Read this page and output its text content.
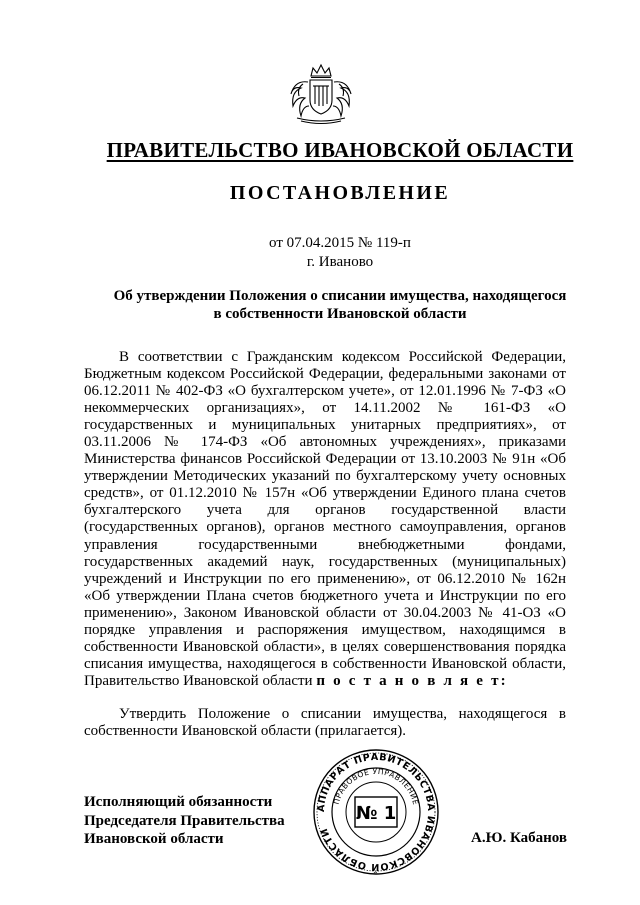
ПРАВИТЕЛЬСТВО ИВАНОВСКОЙ ОБЛАСТИ
ПОСТАНОВЛЕНИЕ
от 07.04.2015 № 119-п
г. Иваново
Об утверждении Положения о списании имущества, находящегося
в собственности Ивановской области

В соответствии с Гражданским кодексом Российской Федерации, Бюджетным кодексом Российской Федерации, федеральными законами от 06.12.2011 № 402-ФЗ «О бухгалтерском учете», от 12.01.1996 № 7-ФЗ «О некоммерческих организациях», от 14.11.2002 № 161-ФЗ «О государственных и муниципальных унитарных предприятиях», от 03.11.2006 № 174-ФЗ «Об автономных учреждениях», приказами Министерства финансов Российской Федерации от 13.10.2003 № 91н «Об утверждении Методических указаний по бухгалтерскому учету основных средств», от 01.12.2010 № 157н «Об утверждении Единого плана счетов бухгалтерского учета для органов государственной власти (государственных органов), органов местного самоуправления, органов управления государственными внебюджетными фондами, государственных академий наук, государственных (муниципальных) учреждений и Инструкции по его применению», от 06.12.2010 № 162н «Об утверждении Плана счетов бюджетного учета и Инструкции по его применению», Законом Ивановской области от 30.04.2003 № 41-ОЗ «О порядке управления и распоряжения имуществом, находящимся в собственности Ивановской области», в целях совершенствования порядка списания имущества, находящегося в собственности Ивановской области, Правительство Ивановской области п о с т а н о в л я е т:

Утвердить Положение о списании имущества, находящегося в собственности Ивановской области (прилагается).

Исполняющий обязанности
Председателя Правительства
Ивановской области	А.Ю. Кабанов
АППАРАТ ПРАВИТЕЛЬСТВА ИВАНОВСКОЙ ОБЛАСТИ
ПРАВОВОЕ УПРАВЛЕНИЕ
№ 1
